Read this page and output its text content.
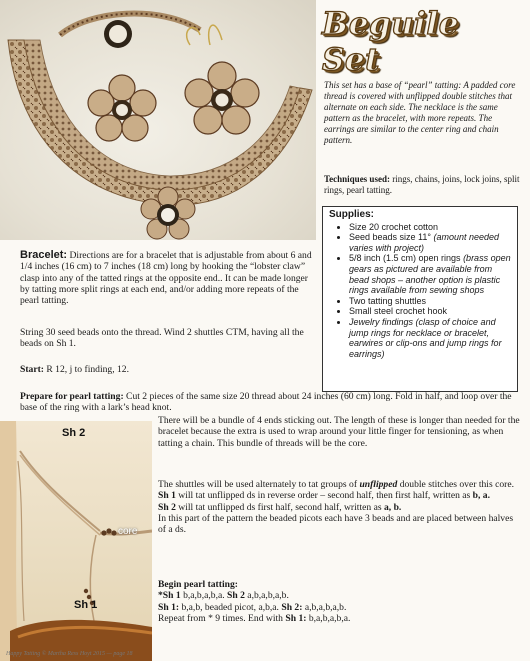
Beguile Set

This set has a base of “pearl” tatting: A padded core thread is covered with unflipped double stitches that alternate on each side. The necklace is the same pattern as the bracelet, with more repeats. The earrings are similar to the center ring and chain pattern.

Techniques used: rings, chains, joins, lock joins, split rings, pearl tatting.
Supplies:
• Size 20 crochet cotton
• Seed beads size 11° (amount needed varies with project)
• 5/8 inch (1.5 cm) open rings (brass open gears as pictured are available from bead shops – another option is plastic rings available from sewing shops
• Two tatting shuttles
• Small steel crochet hook
• Jewelry findings (clasp of choice and jump rings for necklace or bracelet, earwires or clip-ons and jump rings for earrings)
Bracelet: Directions are for a bracelet that is adjustable from about 6 and 1/4 inches (16 cm) to 7 inches (18 cm) long by hooking the “lobster claw” clasp into any of the tatted rings at the opposite end.. It can be made longer by tatting more split rings at each end, and/or adding more repeats of the pearl tatting.
String 30 seed beads onto the thread. Wind 2 shuttles CTM, having all the beads on Sh 1.
Start: R 12, j to finding, 12.
Prepare for pearl tatting: Cut 2 pieces of the same size 20 thread about 24 inches (60 cm) long. Fold in half, and loop over the base of the ring with a lark’s head knot.
Sh 2
Sh 1
core
There will be a bundle of 4 ends sticking out. The length of these is longer than needed for the bracelet because the extra is used to wrap around your little finger for tensioning, as when tatting a chain. This bundle of threads will be the core.
The shuttles will be used alternately to tat groups of unflipped double stitches over this core.
Sh 1 will tat unflipped ds in reverse order – second half, then first half, written as b, a.
Sh 2 will tat unflipped ds first half, second half, written as a, b.
In this part of the pattern the beaded picots each have 3 beads and are placed between halves of a ds.
Begin pearl tatting:
*Sh 1 b,a,b,a,b,a. Sh 2 a,b,a,b,a,b.
Sh 1: b,a,b, beaded picot, a,b,a. Sh 2: a,b,a,b,a,b.
Repeat from * 9 times. End with Sh 1: b,a,b,a,b,a.
Happy Tatting © Martha Ress Hoyt 2015 — page 18
